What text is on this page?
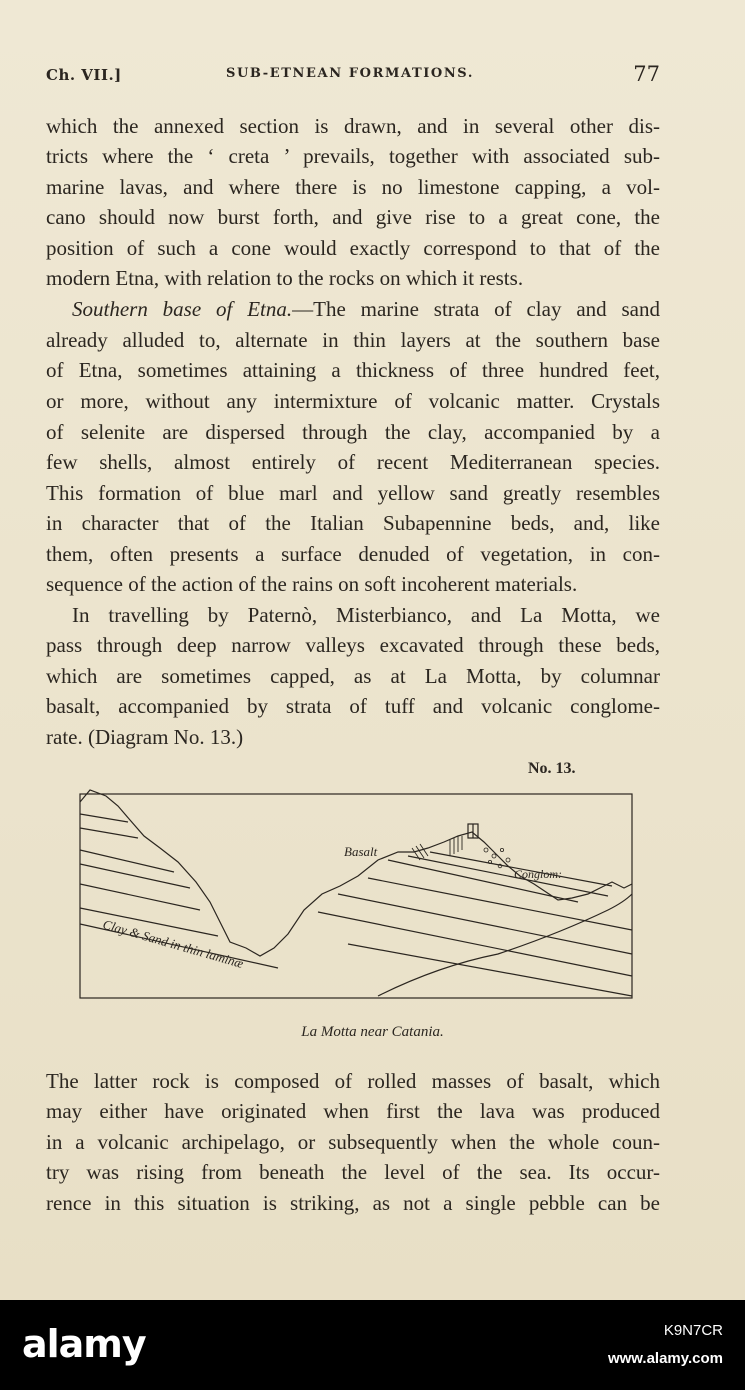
Ch. VII.]	SUB-ETNEAN FORMATIONS.	77
which the annexed section is drawn, and in several other dis-
tricts where the ‘ creta ’ prevails, together with associated sub-
marine lavas, and where there is no limestone capping, a vol-
cano should now burst forth, and give rise to a great cone, the
position of such a cone would exactly correspond to that of the
modern Etna, with relation to the rocks on which it rests.
Southern base of Etna.—The marine strata of clay and sand
already alluded to, alternate in thin layers at the southern base
of Etna, sometimes attaining a thickness of three hundred feet,
or more, without any intermixture of volcanic matter. Crystals
of selenite are dispersed through the clay, accompanied by a
few shells, almost entirely of recent Mediterranean species.
This formation of blue marl and yellow sand greatly resembles
in character that of the Italian Subapennine beds, and, like
them, often presents a surface denuded of vegetation, in con-
sequence of the action of the rains on soft incoherent materials.
In travelling by Paternò, Misterbianco, and La Motta, we
pass through deep narrow valleys excavated through these beds,
which are sometimes capped, as at La Motta, by columnar
basalt, accompanied by strata of tuff and volcanic conglome-
rate. (Diagram No. 13.)
No. 13.
Basalt
Conglom:
Clay & Sand in thin laminæ
La Motta near Catania.
The latter rock is composed of rolled masses of basalt, which
may either have originated when first the lava was produced
in a volcanic archipelago, or subsequently when the whole coun-
try was rising from beneath the level of the sea. Its occur-
rence in this situation is striking, as not a single pebble can be
alamy	K9N7CR
www.alamy.com
